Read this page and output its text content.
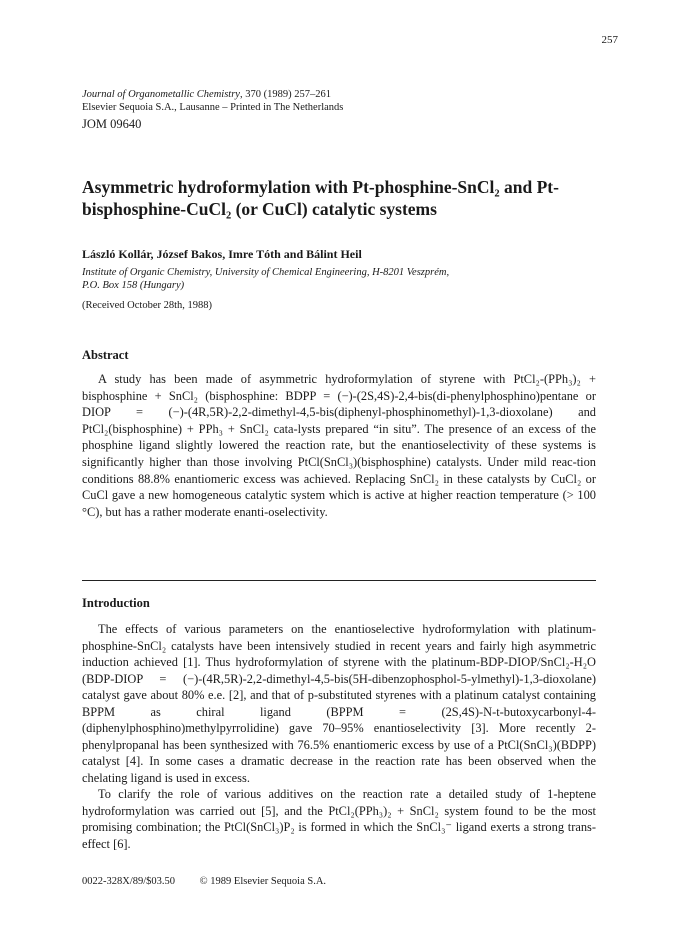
257
Journal of Organometallic Chemistry, 370 (1989) 257–261
Elsevier Sequoia S.A., Lausanne – Printed in The Netherlands
JOM 09640
Asymmetric hydroformylation with Pt-phosphine-SnCl₂ and Pt-bisphosphine-CuCl₂ (or CuCl) catalytic systems
László Kollár, József Bakos, Imre Tóth and Bálint Heil
Institute of Organic Chemistry, University of Chemical Engineering, H-8201 Veszprém,
P.O. Box 158 (Hungary)
(Received October 28th, 1988)
Abstract
A study has been made of asymmetric hydroformylation of styrene with PtCl₂-(PPh₃)₂ + bisphosphine + SnCl₂ (bisphosphine: BDPP = (−)-(2S,4S)-2,4-bis(di-phenylphosphino)pentane or DIOP = (−)-(4R,5R)-2,2-dimethyl-4,5-bis(diphenyl-phosphinomethyl)-1,3-dioxolane) and PtCl₂(bisphosphine) + PPh₃ + SnCl₂ cata-lysts prepared “in situ”. The presence of an excess of the phosphine ligand slightly lowered the reaction rate, but the enantioselectivity of these systems is significantly higher than those involving PtCl(SnCl₃)(bisphosphine) catalysts. Under mild reac-tion conditions 88.8% enantiomeric excess was achieved. Replacing SnCl₂ in these catalysts by CuCl₂ or CuCl gave a new homogeneous catalytic system which is active at higher reaction temperature (> 100 °C), but has a rather moderate enanti-oselectivity.
Introduction

The effects of various parameters on the enantioselective hydroformylation with platinum-phosphine-SnCl₂ catalysts have been intensively studied in recent years and fairly high asymmetric induction achieved [1]. Thus hydroformylation of styrene with the platinum-BDP-DIOP/SnCl₂-H₂O (BDP-DIOP = (−)-(4R,5R)-2,2-dimethyl-4,5-bis(5H-dibenzophosphol-5-ylmethyl)-1,3-dioxolane) catalyst gave about 80% e.e. [2], and that of p-substituted styrenes with a platinum catalyst containing BPPM as chiral ligand (BPPM = (2S,4S)-N-t-butoxycarbonyl-4-(diphenylphosphino)methylpyrrolidine) gave 70–95% enantioselectivity [3]. More recently 2-phenylpropanal has been synthesized with 76.5% enantiomeric excess by use of a PtCl(SnCl₃)(BDPP) catalyst [4]. In some cases a dramatic decrease in the reaction rate has been observed when the chelating ligand is used in excess.

To clarify the role of various additives on the reaction rate a detailed study of 1-heptene hydroformylation was carried out [5], and the PtCl₂(PPh₃)₂ + SnCl₂ system found to be the most promising combination; the PtCl(SnCl₃)P₂ is formed in which the SnCl₃⁻ ligand exerts a strong trans-effect [6].

0022-328X/89/$03.50 © 1989 Elsevier Sequoia S.A.
